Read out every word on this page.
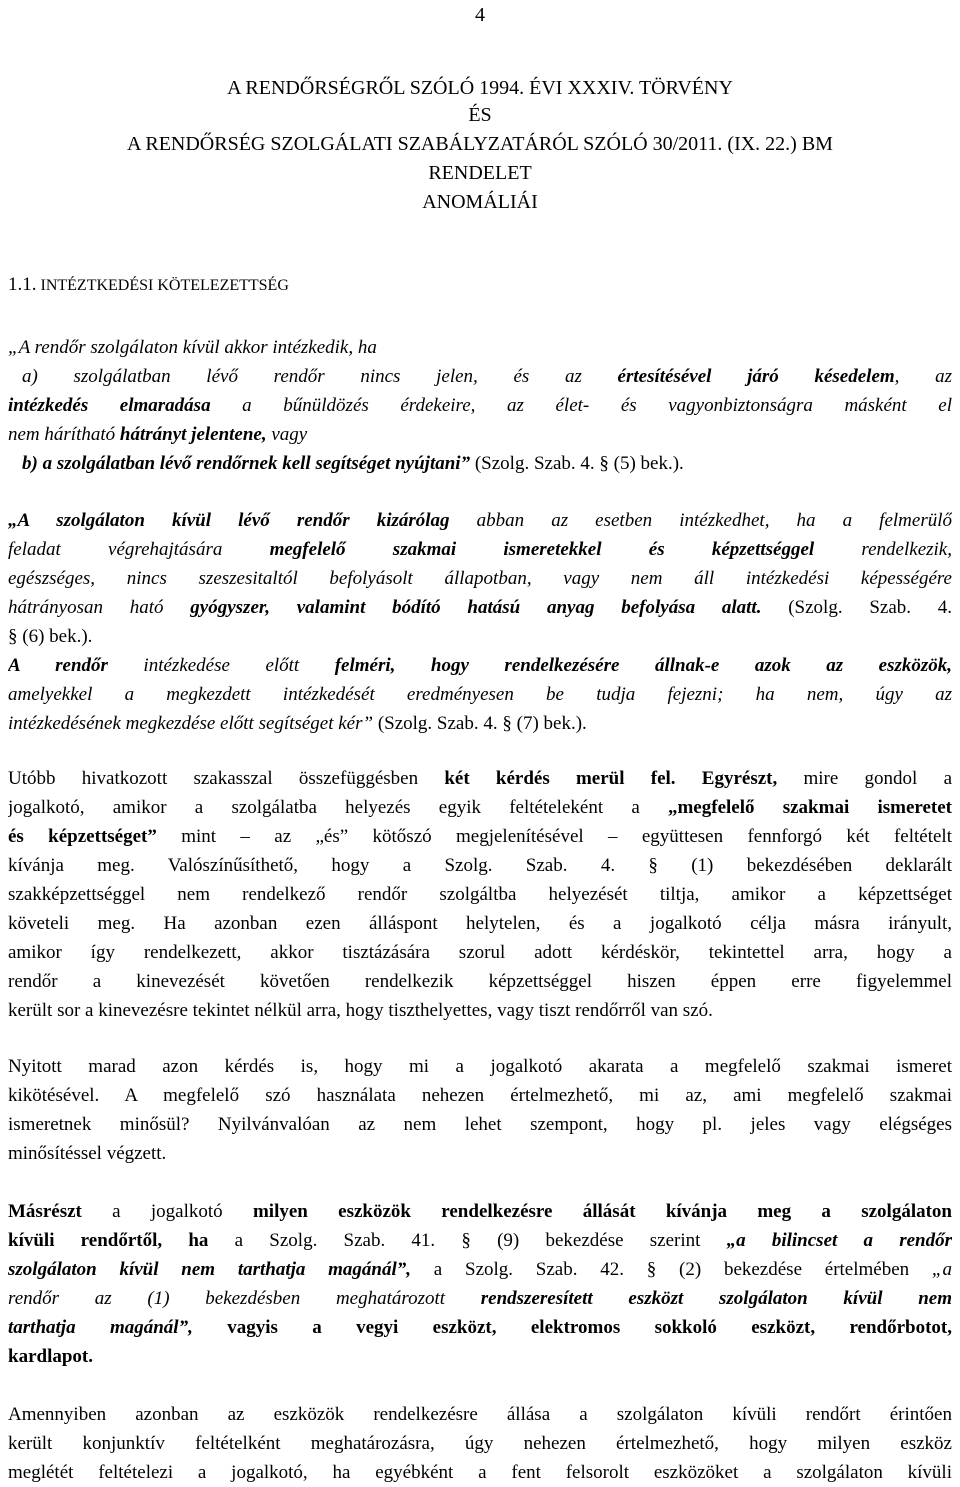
4
A RENDŐRSÉGRŐL SZÓLÓ 1994. ÉVI XXXIV. TÖRVÉNY
ÉS
A RENDŐRSÉG SZOLGÁLATI SZABÁLYZATÁRÓL SZÓLÓ 30/2011. (IX. 22.) BM
RENDELET
ANOMÁLIÁI
1.1. INTÉZTKEDÉSI KÖTELEZETTSÉG
„A rendőr szolgálaton kívül akkor intézkedik, ha
a) szolgálatban lévő rendőr nincs jelen, és az értesítésével járó késedelem, az
intézkedés elmaradása a bűnüldözés érdekeire, az élet- és vagyonbiztonságra másként el
nem hárítható hátrányt jelentene, vagy
b) a szolgálatban lévő rendőrnek kell segítséget nyújtani” (Szolg. Szab. 4. § (5) bek.).
„A szolgálaton kívül lévő rendőr kizárólag abban az esetben intézkedhet, ha a felmerülő
feladat végrehajtására megfelelő szakmai ismeretekkel és képzettséggel rendelkezik,
egészséges, nincs szeszesitaltól befolyásolt állapotban, vagy nem áll intézkedési képességére
hátrányosan ható gyógyszer, valamint bódító hatású anyag befolyása alatt. (Szolg. Szab. 4.
§ (6) bek.).
A rendőr intézkedése előtt felméri, hogy rendelkezésére állnak-e azok az eszközök,
amelyekkel a megkezdett intézkedését eredményesen be tudja fejezni; ha nem, úgy az
intézkedésének megkezdése előtt segítséget kér” (Szolg. Szab. 4. § (7) bek.).
Utóbb hivatkozott szakasszal összefüggésben két kérdés merül fel. Egyrészt, mire gondol a
jogalkotó, amikor a szolgálatba helyezés egyik feltételeként a „megfelelő szakmai ismeretet
és képzettséget” mint – az „és” kötőszó megjelenítésével – együttesen fennforgó két feltételt
kívánja meg. Valószínűsíthető, hogy a Szolg. Szab. 4. § (1) bekezdésében deklarált
szakképzettséggel nem rendelkező rendőr szolgáltba helyezését tiltja, amikor a képzettséget
követeli meg. Ha azonban ezen álláspont helytelen, és a jogalkotó célja másra irányult,
amikor így rendelkezett, akkor tisztázására szorul adott kérdéskör, tekintettel arra, hogy a
rendőr a kinevezését követően rendelkezik képzettséggel hiszen éppen erre figyelemmel
került sor a kinevezésre tekintet nélkül arra, hogy tiszthelyettes, vagy tiszt rendőrről van szó.
Nyitott marad azon kérdés is, hogy mi a jogalkotó akarata a megfelelő szakmai ismeret
kikötésével. A megfelelő szó használata nehezen értelmezhető, mi az, ami megfelelő szakmai
ismeretnek minősül? Nyilvánvalóan az nem lehet szempont, hogy pl. jeles vagy elégséges
minősítéssel végzett.
Másrészt a jogalkotó milyen eszközök rendelkezésre állását kívánja meg a szolgálaton
kívüli rendőrtől, ha a Szolg. Szab. 41. § (9) bekezdése szerint „a bilincset a rendőr
szolgálaton kívül nem tarthatja magánál”, a Szolg. Szab. 42. § (2) bekezdése értelmében „a
rendőr az (1) bekezdésben meghatározott rendszeresített eszközt szolgálaton kívül nem
tarthatja magánál”, vagyis a vegyi eszközt, elektromos sokkoló eszközt, rendőrbotot,
kardlapot.
Amennyiben azonban az eszközök rendelkezésre állása a szolgálaton kívüli rendőrt érintően
került konjunktív feltételként meghatározásra, úgy nehezen értelmezhető, hogy milyen eszköz
meglétét feltételezi a jogalkotó, ha egyébként a fent felsorolt eszközöket a szolgálaton kívüli
